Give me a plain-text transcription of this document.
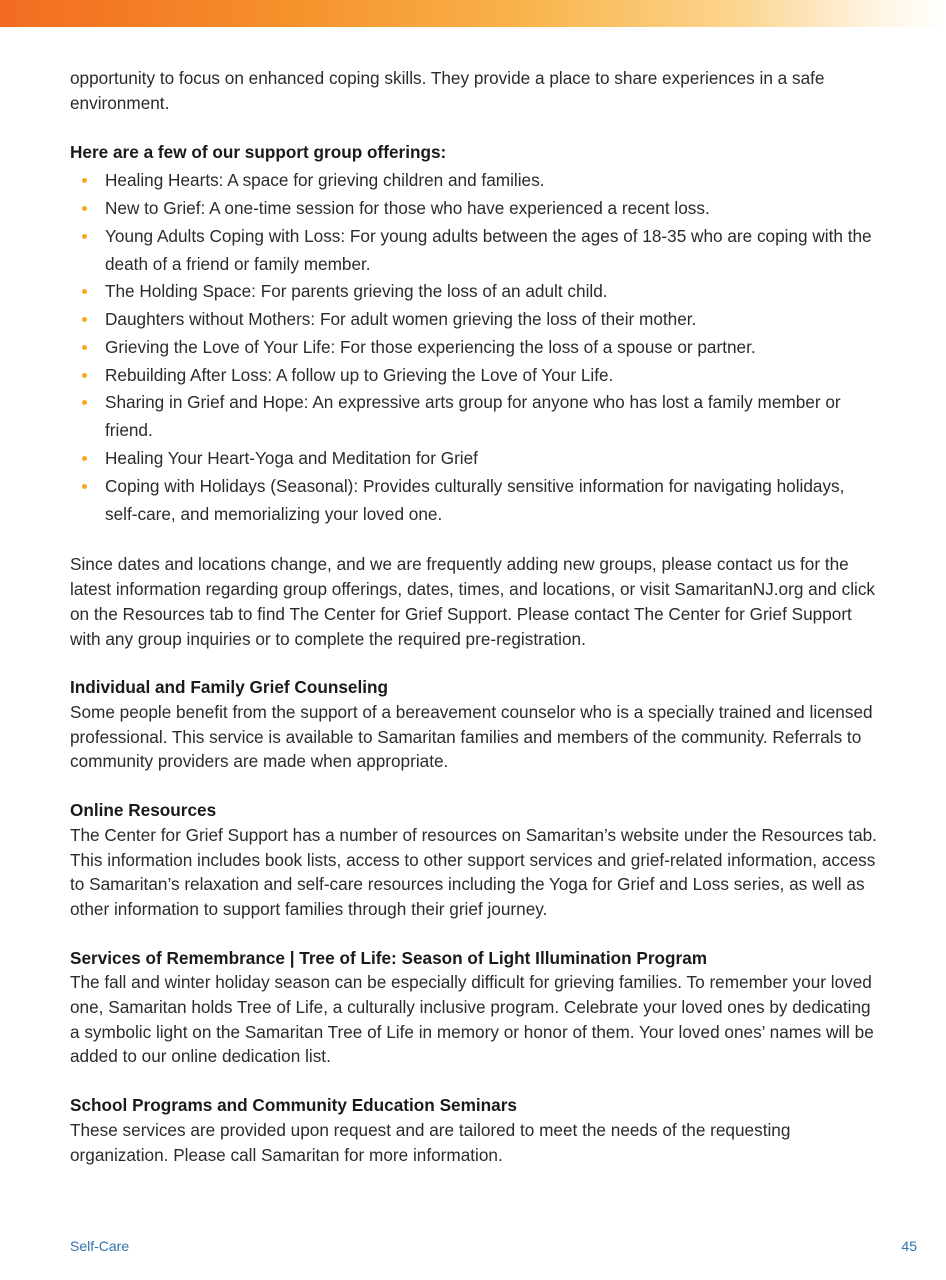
opportunity to focus on enhanced coping skills. They provide a place to share experiences in a safe environment.

Here are a few of our support group offerings:

Healing Hearts: A space for grieving children and families.
New to Grief: A one-time session for those who have experienced a recent loss.
Young Adults Coping with Loss: For young adults between the ages of 18-35 who are coping with the death of a friend or family member.
The Holding Space: For parents grieving the loss of an adult child.
Daughters without Mothers: For adult women grieving the loss of their mother.
Grieving the Love of Your Life: For those experiencing the loss of a spouse or partner.
Rebuilding After Loss: A follow up to Grieving the Love of Your Life.
Sharing in Grief and Hope: An expressive arts group for anyone who has lost a family member or friend.
Healing Your Heart-Yoga and Meditation for Grief
Coping with Holidays (Seasonal): Provides culturally sensitive information for navigating holidays, self-care, and memorializing your loved one.

Since dates and locations change, and we are frequently adding new groups, please contact us for the latest information regarding group offerings, dates, times, and locations, or visit SamaritanNJ.org and click on the Resources tab to find The Center for Grief Support. Please contact The Center for Grief Support with any group inquiries or to complete the required pre-registration.

Individual and Family Grief Counseling

Some people benefit from the support of a bereavement counselor who is a specially trained and licensed professional. This service is available to Samaritan families and members of the community. Referrals to community providers are made when appropriate.

Online Resources

The Center for Grief Support has a number of resources on Samaritan’s website under the Resources tab. This information includes book lists, access to other support services and grief-related information, access to Samaritan’s relaxation and self-care resources including the Yoga for Grief and Loss series, as well as other information to support families through their grief journey.

Services of Remembrance | Tree of Life: Season of Light Illumination Program

The fall and winter holiday season can be especially difficult for grieving families. To remember your loved one, Samaritan holds Tree of Life, a culturally inclusive program. Celebrate your loved ones by dedicating a symbolic light on the Samaritan Tree of Life in memory or honor of them. Your loved ones’ names will be added to our online dedication list.

School Programs and Community Education Seminars

These services are provided upon request and are tailored to meet the needs of the requesting organization. Please call Samaritan for more information.

Self-Care	45
